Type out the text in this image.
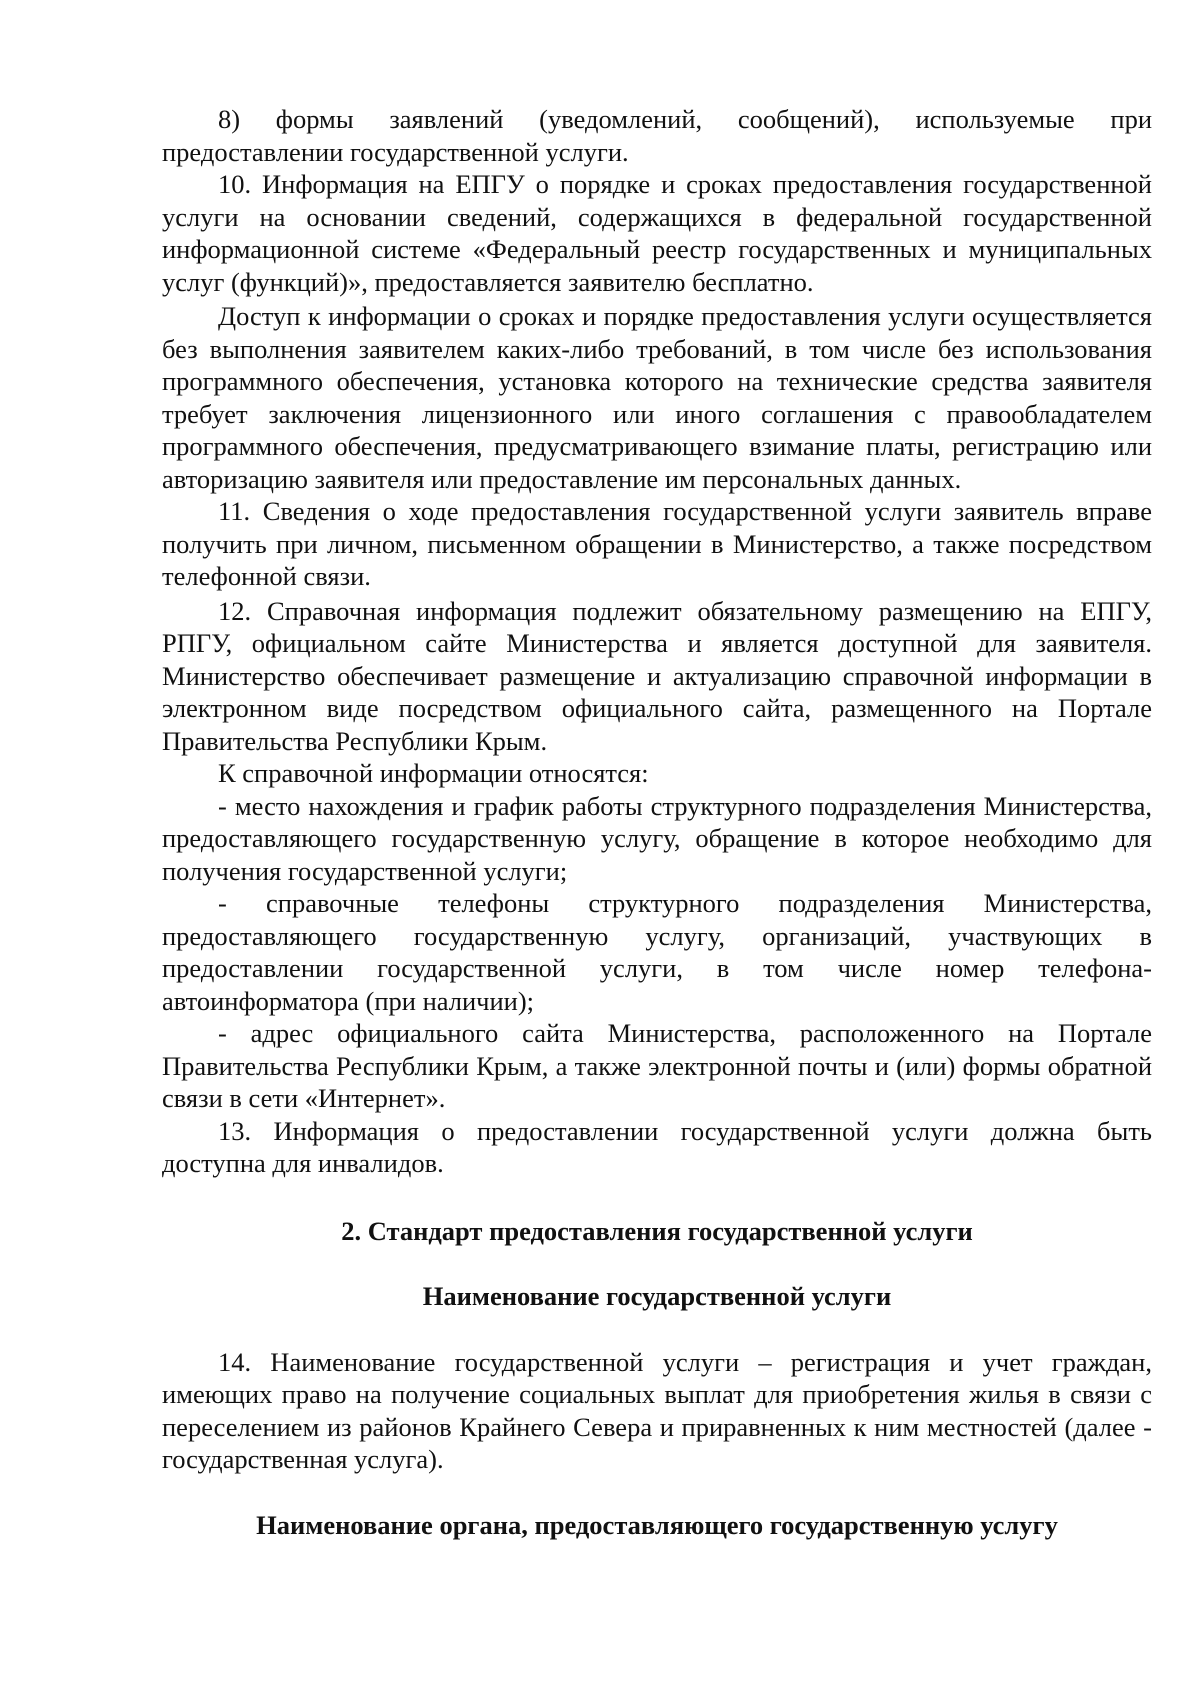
8) формы заявлений (уведомлений, сообщений), используемые при предоставлении государственной услуги.

10. Информация на ЕПГУ о порядке и сроках предоставления государственной услуги на основании сведений, содержащихся в федеральной государственной информационной системе «Федеральный реестр государственных и муниципальных услуг (функций)», предоставляется заявителю бесплатно.

Доступ к информации о сроках и порядке предоставления услуги осуществляется без выполнения заявителем каких-либо требований, в том числе без использования программного обеспечения, установка которого на технические средства заявителя требует заключения лицензионного или иного соглашения с правообладателем программного обеспечения, предусматривающего взимание платы, регистрацию или авторизацию заявителя или предоставление им персональных данных.

11. Сведения о ходе предоставления государственной услуги заявитель вправе получить при личном, письменном обращении в Министерство, а также посредством телефонной связи.

12. Справочная информация подлежит обязательному размещению на ЕПГУ, РПГУ, официальном сайте Министерства и является доступной для заявителя. Министерство обеспечивает размещение и актуализацию справочной информации в электронном виде посредством официального сайта, размещенного на Портале Правительства Республики Крым.

К справочной информации относятся:

- место нахождения и график работы структурного подразделения Министерства, предоставляющего государственную услугу, обращение в которое необходимо для получения государственной услуги;

- справочные телефоны структурного подразделения Министерства, предоставляющего государственную услугу, организаций, участвующих в предоставлении государственной услуги, в том числе номер телефона-автоинформатора (при наличии);

- адрес официального сайта Министерства, расположенного на Портале Правительства Республики Крым, а также электронной почты и (или) формы обратной связи в сети «Интернет».

13. Информация о предоставлении государственной услуги должна быть доступна для инвалидов.

2. Стандарт предоставления государственной услуги

Наименование государственной услуги

14. Наименование государственной услуги – регистрация и учет граждан, имеющих право на получение социальных выплат для приобретения жилья в связи с переселением из районов Крайнего Севера и приравненных к ним местностей (далее - государственная услуга).

Наименование органа, предоставляющего государственную услугу
